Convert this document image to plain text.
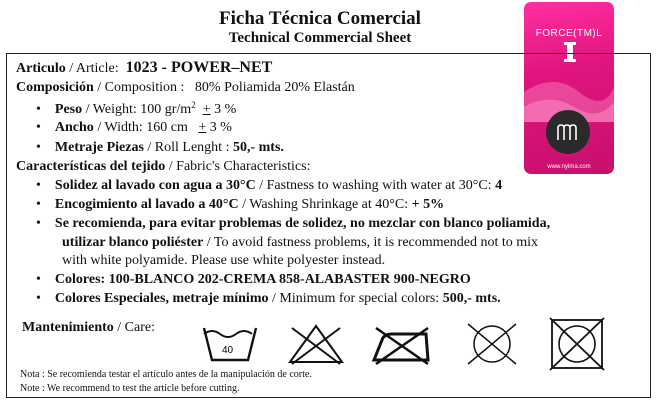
Ficha Técnica Comercial
Technical Commercial Sheet	FORCE(TM)L
www.nylma.com
Articulo / Article: 1023 - POWER–NET
Composición / Composition : 80% Poliamida 20% Elastán
•    Peso / Weight: 100 $gr/m^2 + 3$ %
•    Ancho / Width: 160 cm + 3 %
•    Metraje Piezas / Roll Lenght : 50,- mts.
Características del tejido / Fabric's Characteristics:
•    Solidez al lavado con agua a 30°C / Fastness to washing with water at 30°C: 4
•    Encogimiento al lavado a 40°C / Washing Shrinkage at 40°C: + 5%
•    Se recomienda, para evitar problemas de solidez, no mezclar con blanco poliamida,
utilizar blanco poliéster / To avoid fastness problems, it is recommended not to mix
with white polyamide. Please use white polyester instead.
•    Colores: 100-BLANCO 202-CREMA 858-ALABASTER 900-NEGRO
•    Colores Especiales, metraje mínimo / Minimum for special colors: 500,- mts.
Mantenimiento / Care:
40
Nota : Se recomienda testar el artículo antes de la manipulación de corte.
Note : We recommend to test the article before cutting.
